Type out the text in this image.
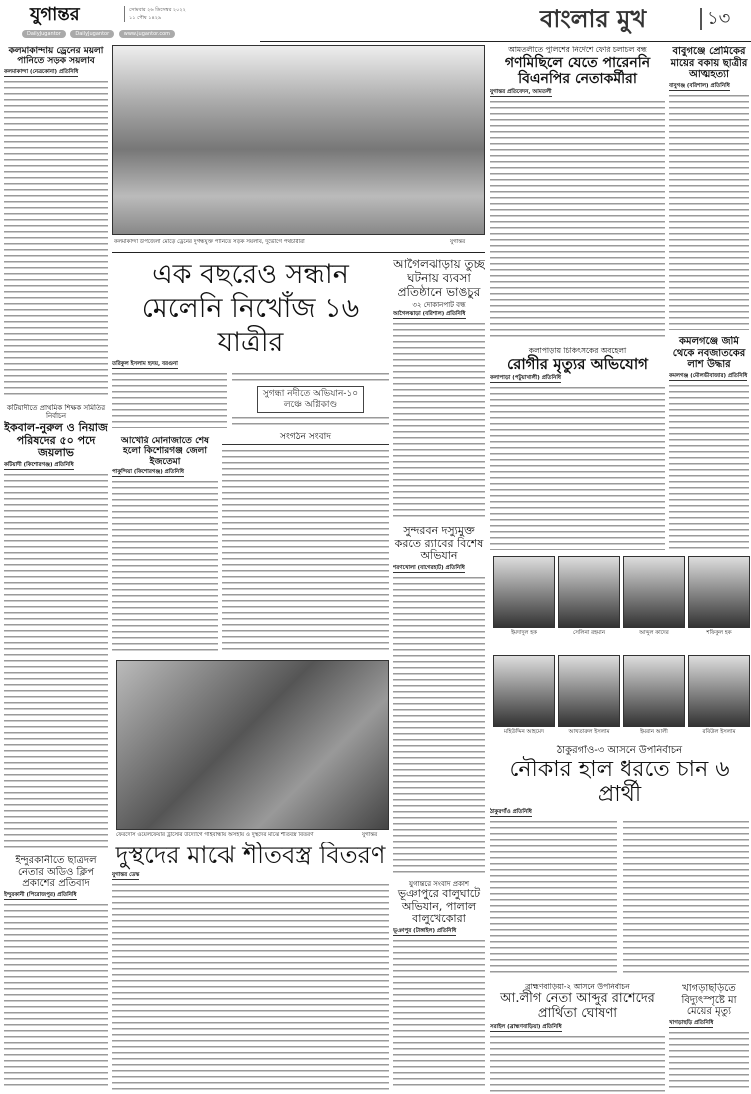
যুগান্তর	সোমবার ২৬ ডিসেম্বর ২০২২
১১ পৌষ ১৪২৯
DailyJugantor	DailyJugantor	www.jugantor.com
বাংলার মুখ	১৩
কলমাকান্দায় ড্রেনের ময়লা পানিতে সড়ক সয়লাব
কলমাকান্দা (নেত্রকোনা) প্রতিনিধি
কটিয়াদীতে প্রাথমিক শিক্ষক সমিতির নির্বাচন
ইকবাল-নুরুল ও নিয়াজ পরিষদের ৫০ পদে জয়লাভ
কটিয়াদী (কিশোরগঞ্জ) প্রতিনিধি
ইন্দুরকানীতে ছাত্রদল নেতার অডিও ক্লিপ প্রকাশের প্রতিবাদ
ইন্দুরকানী (পিরোজপুর) প্রতিনিধি
কলমাকান্দা উপজেলা মোড়ে ড্রেনের দুর্গন্ধযুক্ত পানিতে সড়ক সয়লাব, দুর্ভোগে পথচারীরা	যুগান্তর
এক বছরেও সন্ধান মেলেনি নিখোঁজ ১৬ যাত্রীর
তরিকুল ইসলাম হৃদয়, বরগুনা
সুগন্ধা নদীতে অভিযান-১০ লঞ্চে অগ্নিকাণ্ড
আগৈলঝাড়ায় তুচ্ছ ঘটনায় ব্যবসা প্রতিষ্ঠানে ভাঙচুর
৩২ দোকানপাট বন্ধ
আগৈলঝাড়া (বরিশাল) প্রতিনিধি
আখেরি মোনাজাতে শেষ হলো কিশোরগঞ্জ জেলা ইজতেমা
পাকুন্দিয়া (কিশোরগঞ্জ) প্রতিনিধি
সংগঠন সংবাদ
সুন্দরবন দস্যুমুক্ত করতে র‍্যাবের বিশেষ অভিযান
শরণখোলা (বাগেরহাট) প্রতিনিধি
ফেরদৌস ওয়েলফেয়ার ট্রাস্টের উদ্যোগে গাইবান্ধায় অসহায় ও দুস্থদের মাঝে শীতবস্ত্র বিতরণ	যুগান্তর
দুস্থদের মাঝে শীতবস্ত্র বিতরণ
যুগান্তর ডেস্ক
যুগান্তরে সংবাদ প্রকাশ
ভূঞাপুরে বালুঘাটে অভিযান, পালাল বালুখেকোরা
ভূঞাপুর (টাঙ্গাইল) প্রতিনিধি
আমতলীতে পুলিশের নির্দেশে ফেরি চলাচল বন্ধ
গণমিছিলে যেতে পারেননি বিএনপির নেতাকর্মীরা
যুগান্তর প্রতিবেদন, আমতলী
বাবুগঞ্জে প্রেমিকের মায়ের বকায় ছাত্রীর আত্মহত্যা
বাবুগঞ্জ (বরিশাল) প্রতিনিধি
কলাপাড়ায় চিকিৎসকের অবহেলা
রোগীর মৃত্যুর অভিযোগ
কলাপাড়া (পটুয়াখালী) প্রতিনিধি
কমলগঞ্জে জমি থেকে নবজাতকের লাশ উদ্ধার
কমলগঞ্জ (মৌলভীবাজার) প্রতিনিধি
ইমদাদুল হক	সেলিনা রহমান	আব্দুল কাদের	শফিকুল হক
মহিউদ্দিন আহমেদ	আখতারুল ইসলাম	ইমরান আলী	রবিউল ইসলাম
ঠাকুরগাঁও-৩ আসনে উপনির্বাচন
নৌকার হাল ধরতে চান ৬ প্রার্থী
ঠাকুরগাঁও প্রতিনিধি
ব্রাহ্মণবাড়িয়া-২ আসনে উপনির্বাচন
আ.লীগ নেতা আব্দুর রাশেদের প্রার্থিতা ঘোষণা
সরাইল (ব্রাহ্মণবাড়িয়া) প্রতিনিধি
খাগড়াছড়িতে বিদ্যুৎস্পৃষ্টে মা মেয়ের মৃত্যু
খাগড়াছড়ি প্রতিনিধি
